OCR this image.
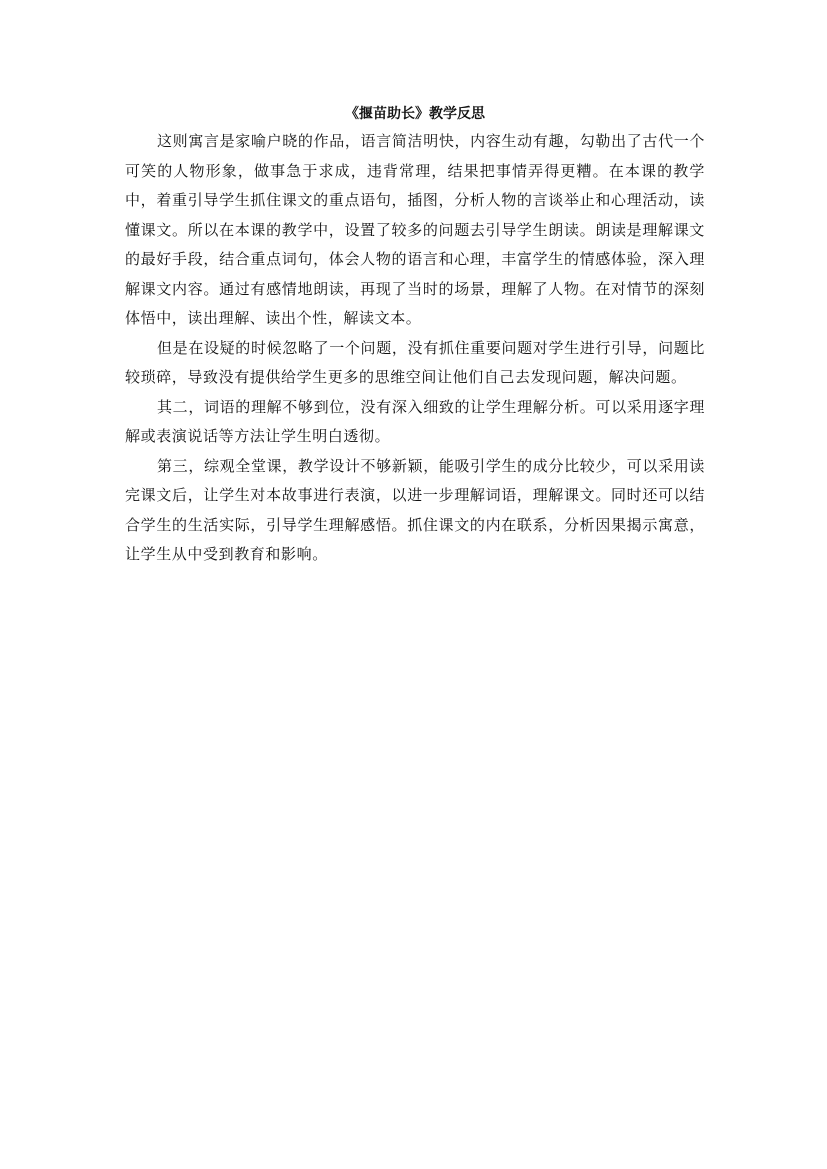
《揠苗助长》教学反思

这则寓言是家喻户晓的作品，语言简洁明快，内容生动有趣，勾勒出了古代一个可笑的人物形象，做事急于求成，违背常理，结果把事情弄得更糟。在本课的教学中，着重引导学生抓住课文的重点语句，插图，分析人物的言谈举止和心理活动，读懂课文。所以在本课的教学中，设置了较多的问题去引导学生朗读。朗读是理解课文的最好手段，结合重点词句，体会人物的语言和心理，丰富学生的情感体验，深入理解课文内容。通过有感情地朗读，再现了当时的场景，理解了人物。在对情节的深刻体悟中，读出理解、读出个性，解读文本。

但是在设疑的时候忽略了一个问题，没有抓住重要问题对学生进行引导，问题比较琐碎，导致没有提供给学生更多的思维空间让他们自己去发现问题，解决问题。

其二，词语的理解不够到位，没有深入细致的让学生理解分析。可以采用逐字理解或表演说话等方法让学生明白透彻。

第三，综观全堂课，教学设计不够新颖，能吸引学生的成分比较少，可以采用读完课文后，让学生对本故事进行表演，以进一步理解词语，理解课文。同时还可以结合学生的生活实际，引导学生理解感悟。抓住课文的内在联系，分析因果揭示寓意，让学生从中受到教育和影响。
